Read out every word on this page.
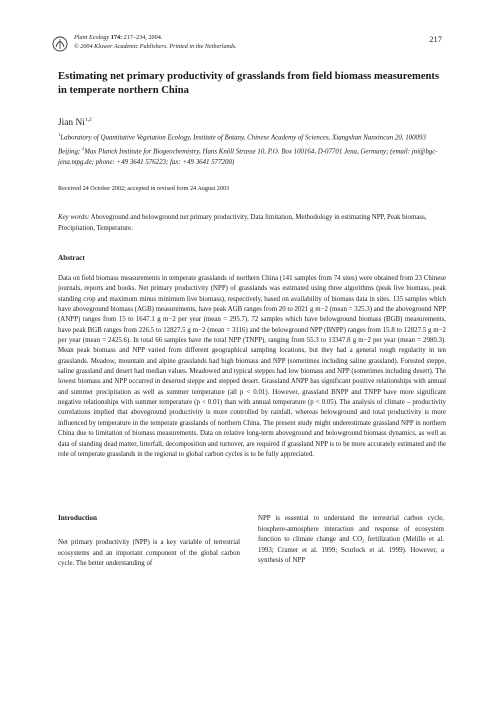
Plant Ecology 174: 217–234, 2004.
© 2004 Kluwer Academic Publishers. Printed in the Netherlands.
217
Estimating net primary productivity of grasslands from field biomass measurements in temperate northern China
Jian Ni$^{1,2}$
$^1$Laboratory of Quantitative Vegetation Ecology, Institute of Botany, Chinese Academy of Sciences, Xiangshan Nanxincun 20, 100093 Beijing; $^2$Max Planck Institute for Biogeochemistry, Hans Knöll Strasse 10, P.O. Box 100164, D-07701 Jena, Germany; (email: jni@bgc-jena.mpg.de; phone: +49 3641 576223; fax: +49 3641 577200)
Received 24 October 2002; accepted in revised form 24 August 2003
Key words: Aboveground and belowground net primary productivity, Data limitation, Methodology in estimating NPP, Peak biomass, Precipitation, Temperature.
Abstract

Data on field biomass measurements in temperate grasslands of northern China (141 samples from 74 sites) were obtained from 23 Chinese journals, reports and books. Net primary productivity (NPP) of grasslands was estimated using three algorithms (peak live biomass, peak standing crop and maximum minus minimum live biomass), respectively, based on availability of biomass data in sites. 135 samples which have aboveground biomass (AGB) measurements, have peak AGB ranges from 20 to 2021 g m−2 (mean = 325.3) and the aboveground NPP (ANPP) ranges from 15 to 1647.1 g m−2 per year (mean = 295.7). 72 samples which have belowground biomass (BGB) measurements, have peak BGB ranges from 226.5 to 12827.5 g m−2 (mean = 3116) and the belowground NPP (BNPP) ranges from 15.8 to 12827.5 g m−2 per year (mean = 2425.6). In total 66 samples have the total NPP (TNPP), ranging from 55.3 to 13347.8 g m−2 per year (mean = 2980.3). Mean peak biomass and NPP varied from different geographical sampling locations, but they had a general rough regularity in ten grasslands. Meadow, mountain and alpine grasslands had high biomass and NPP (sometimes including saline grassland). Forested steppe, saline grassland and desert had median values. Meadowed and typical steppes had low biomass and NPP (sometimes including desert). The lowest biomass and NPP occurred in deserted steppe and stepped desert. Grassland ANPP has significant positive relationships with annual and summer precipitation as well as summer temperature (all p < 0.01). However, grassland BNPP and TNPP have more significant negative relationships with summer temperature (p < 0.01) than with annual temperature (p < 0.05). The analysis of climate – productivity correlations implied that aboveground productivity is more controlled by rainfall, whereas belowground and total productivity is more influenced by temperature in the temperate grasslands of northern China. The present study might underestimate grassland NPP in northern China due to limitation of biomass measurements. Data on relative long-term aboveground and belowground biomass dynamics, as well as data of standing dead matter, litterfall, decomposition and turnover, are required if grassland NPP is to be more accurately estimated and the role of temperate grasslands in the regional to global carbon cycles is to be fully appreciated.

Introduction

Net primary productivity (NPP) is a key variable of terrestrial ecosystems and an important component of the global carbon cycle. The better understanding of

NPP is essential to understand the terrestrial carbon cycle, biosphere-atmosphere interaction and response of ecosystem function to climate change and CO₂ fertilization (Melillo et al. 1993; Cramer et al. 1999; Scurlock et al. 1999). However, a synthesis of NPP
